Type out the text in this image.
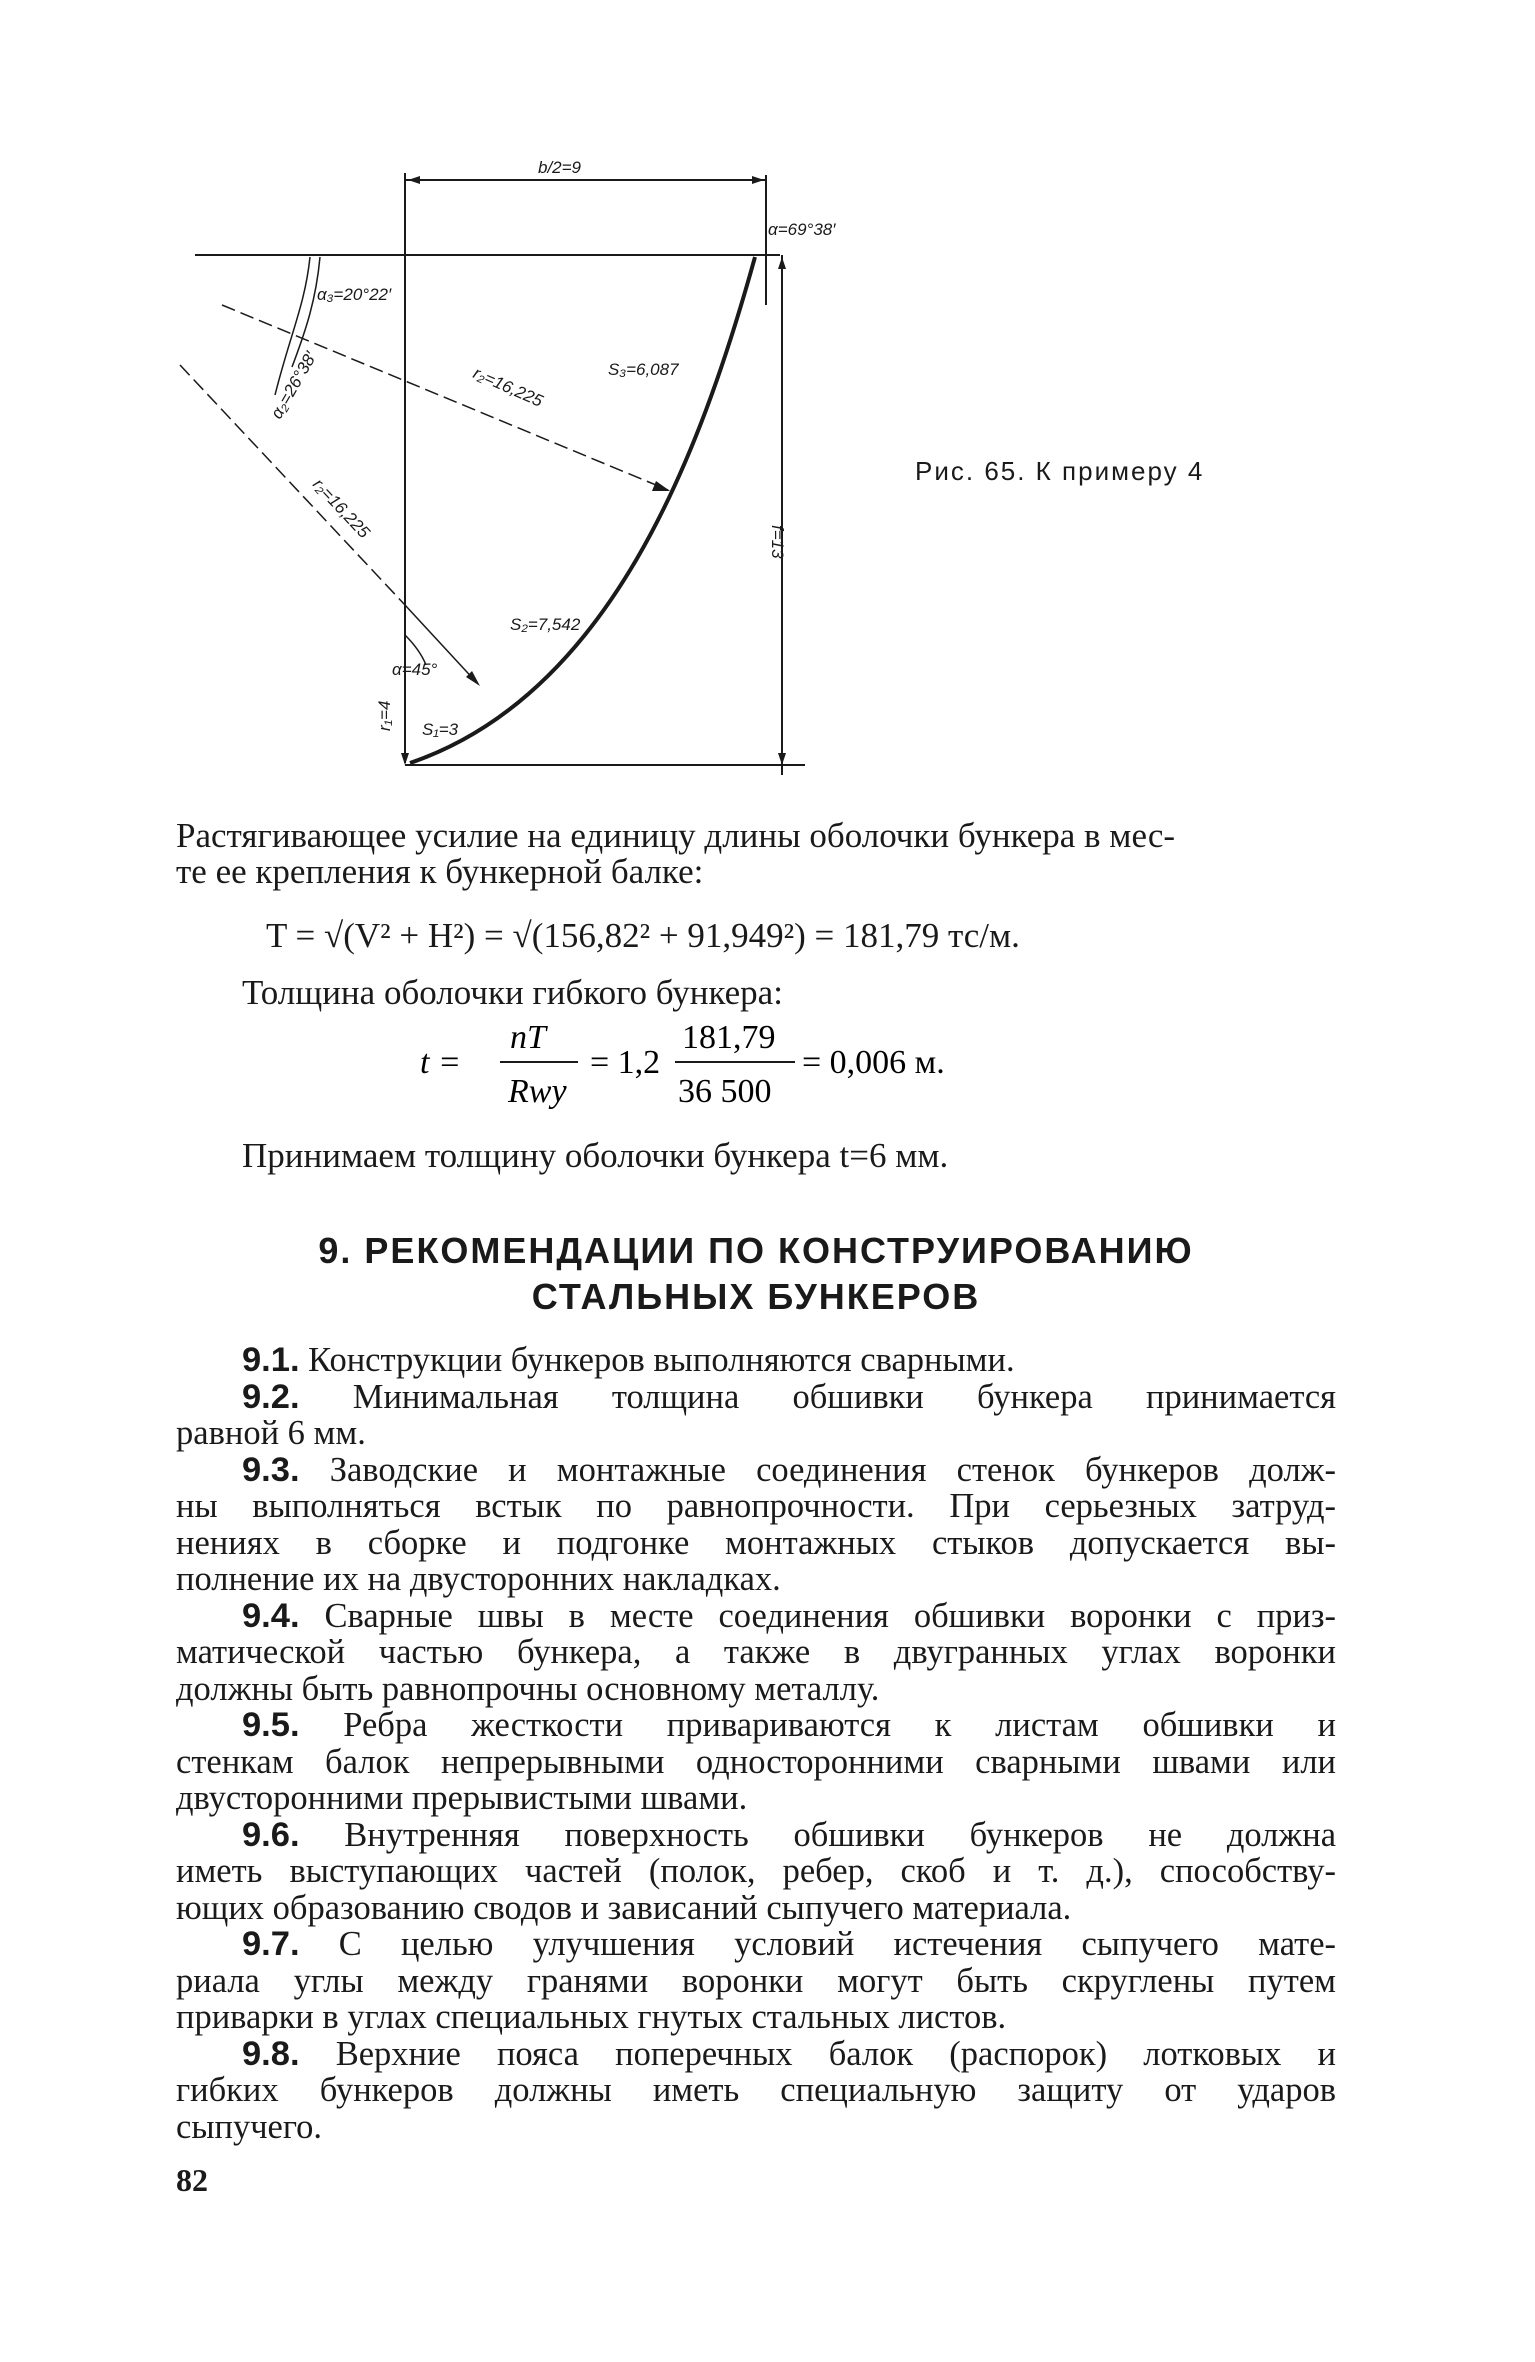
b/2=9
α=69°38′
α₃=20°22′
α₂=26°38′	r₂=16,225
r₂=16,225
S₃=6,087
S₂=7,542
S₁=3
f=13
α=45°
r₁=4
Рис. 65. К примеру 4
Растягивающее усилие на единицу длины оболочки бункера в мес-
те ее крепления к бункерной балке:
T = √(V² + H²) = √(156,82² + 91,949²) = 181,79 тс/м.
Толщина оболочки гибкого бункера:
t =
nT
Rwy
= 1,2
181,79
36 500
= 0,006 м.
Принимаем толщину оболочки бункера t=6 мм.
9. РЕКОМЕНДАЦИИ ПО КОНСТРУИРОВАНИЮ
СТАЛЬНЫХ БУНКЕРОВ
9.1. Конструкции бункеров выполняются сварными.
9.2. Минимальная толщина обшивки бункера принимается
равной 6 мм.
9.3. Заводские и монтажные соединения стенок бункеров долж-
ны выполняться встык по равнопрочности. При серьезных затруд-
нениях в сборке и подгонке монтажных стыков допускается вы-
полнение их на двусторонних накладках.
9.4. Сварные швы в месте соединения обшивки воронки с приз-
матической частью бункера, а также в двугранных углах воронки
должны быть равнопрочны основному металлу.
9.5. Ребра жесткости привариваются к листам обшивки и
стенкам балок непрерывными односторонними сварными швами или
двусторонними прерывистыми швами.
9.6. Внутренняя поверхность обшивки бункеров не должна
иметь выступающих частей (полок, ребер, скоб и т. д.), способству-
ющих образованию сводов и зависаний сыпучего материала.
9.7. С целью улучшения условий истечения сыпучего мате-
риала углы между гранями воронки могут быть скруглены путем
приварки в углах специальных гнутых стальных листов.
9.8. Верхние пояса поперечных балок (распорок) лотковых и
гибких бункеров должны иметь специальную защиту от ударов
сыпучего.
82
